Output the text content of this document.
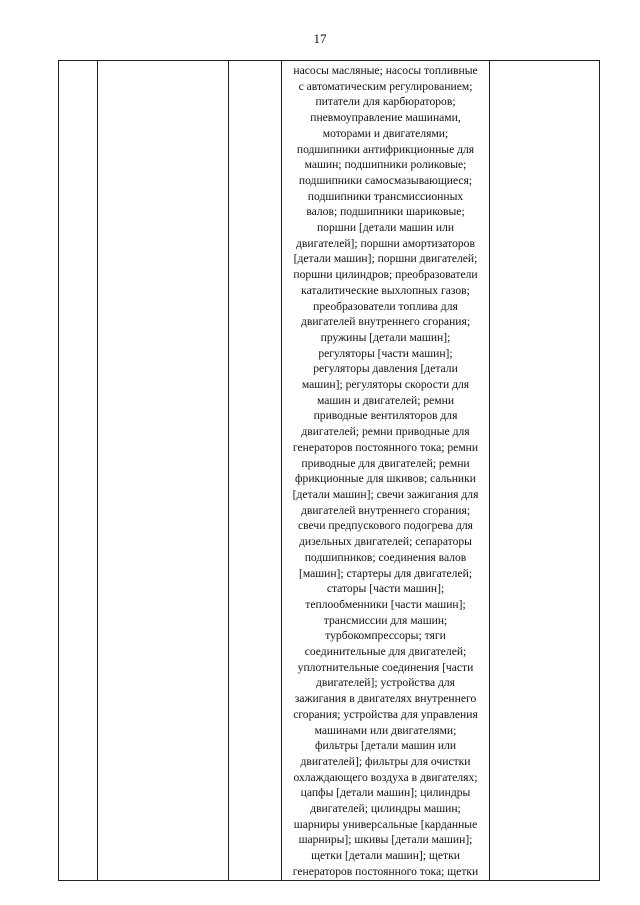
17

насосы масляные; насосы топливные
с автоматическим регулированием;
питатели для карбюраторов;
пневмоуправление машинами,
моторами и двигателями;
подшипники антифрикционные для
машин; подшипники роликовые;
подшипники самосмазывающиеся;
подшипники трансмиссионных
валов; подшипники шариковые;
поршни [детали машин или
двигателей]; поршни амортизаторов
[детали машин]; поршни двигателей;
поршни цилиндров; преобразователи
каталитические выхлопных газов;
преобразователи топлива для
двигателей внутреннего сгорания;
пружины [детали машин];
регуляторы [части машин];
регуляторы давления [детали
машин]; регуляторы скорости для
машин и двигателей; ремни
приводные вентиляторов для
двигателей; ремни приводные для
генераторов постоянного тока; ремни
приводные для двигателей; ремни
фрикционные для шкивов; сальники
[детали машин]; свечи зажигания для
двигателей внутреннего сгорания;
свечи предпускового подогрева для
дизельных двигателей; сепараторы
подшипников; соединения валов
[машин]; стартеры для двигателей;
статоры [части машин];
теплообменники [части машин];
трансмиссии для машин;
турбокомпрессоры; тяги
соединительные для двигателей;
уплотнительные соединения [части
двигателей]; устройства для
зажигания в двигателях внутреннего
сгорания; устройства для управления
машинами или двигателями;
фильтры [детали машин или
двигателей]; фильтры для очистки
охлаждающего воздуха в двигателях;
цапфы [детали машин]; цилиндры
двигателей; цилиндры машин;
шарниры универсальные [карданные
шарниры]; шкивы [детали машин];
щетки [детали машин]; щетки
генераторов постоянного тока; щетки
